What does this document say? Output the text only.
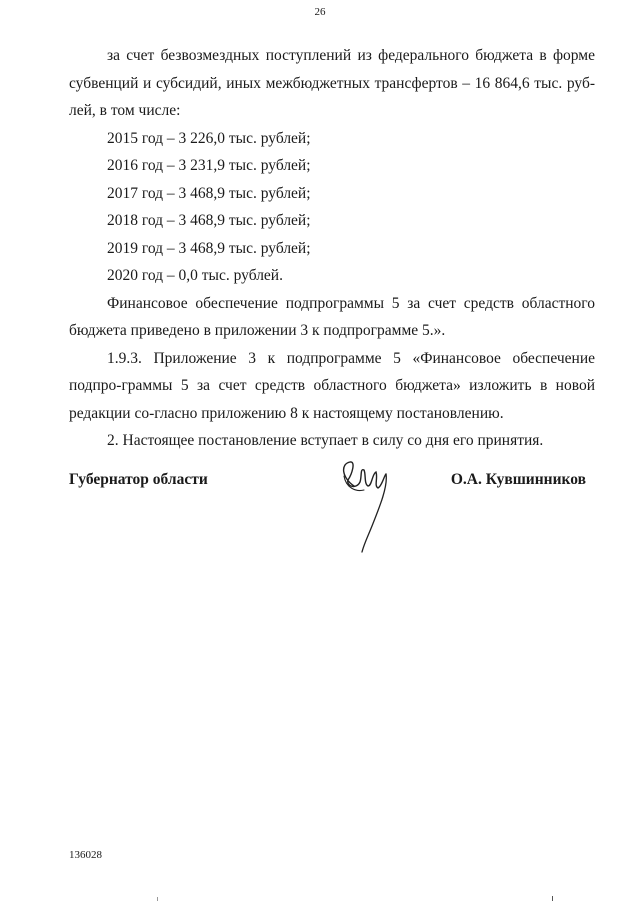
26

за счет безвозмездных поступлений из федерального бюджета в форме субвенций и субсидий, иных межбюджетных трансфертов – 16 864,6 тыс. руб-лей, в том числе:

2015 год – 3 226,0 тыс. рублей;

2016 год – 3 231,9 тыс. рублей;

2017 год – 3 468,9 тыс. рублей;

2018 год – 3 468,9 тыс. рублей;

2019 год – 3 468,9 тыс. рублей;

2020 год – 0,0 тыс. рублей.

Финансовое обеспечение подпрограммы 5 за счет средств областного бюджета приведено в приложении 3 к подпрограмме 5.».

1.9.3. Приложение 3 к подпрограмме 5 «Финансовое обеспечение подпро-граммы 5 за счет средств областного бюджета» изложить в новой редакции со-гласно приложению 8 к настоящему постановлению.

2. Настоящее постановление вступает в силу со дня его принятия.

Губернатор области	О.А. Кувшинников
136028
